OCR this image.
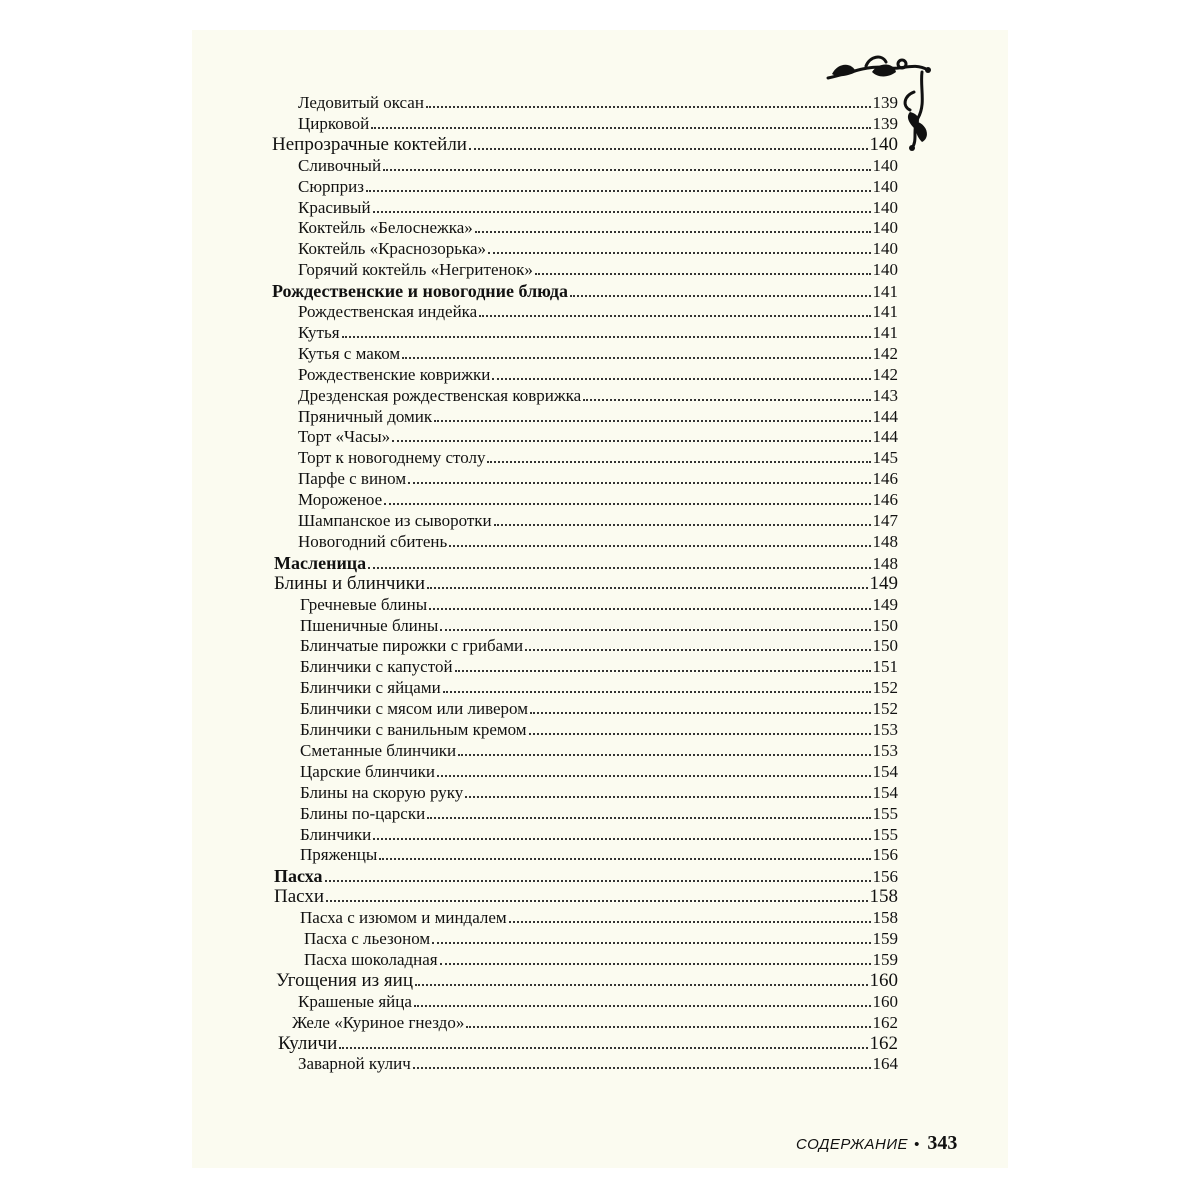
Ледовитый оксан	139
Цирковой	139
Непрозрачные коктейли	140
Сливочный	140
Сюрприз	140
Красивый	140
Коктейль «Белоснежка»	140
Коктейль «Краснозорька»	140
Горячий коктейль «Негритенок»	140
Рождественские и новогодние блюда	141
Рождественская индейка	141
Кутья	141
Кутья с маком	142
Рождественские коврижки	142
Дрезденская рождественская коврижка	143
Пряничный домик	144
Торт «Часы»	144
Торт к новогоднему столу	145
Парфе с вином	146
Мороженое	146
Шампанское из сыворотки	147
Новогодний сбитень	148
Масленица	148
Блины и блинчики	149
Гречневые блины	149
Пшеничные блины	150
Блинчатые пирожки с грибами	150
Блинчики с капустой	151
Блинчики с яйцами	152
Блинчики с мясом или ливером	152
Блинчики с ванильным кремом	153
Сметанные блинчики	153
Царские блинчики	154
Блины на скорую руку	154
Блины по-царски	155
Блинчики	155
Пряженцы	156
Пасха	156
Пасхи	158
Пасха с изюмом и миндалем	158
Пасха с льезоном	159
Пасха шоколадная	159
Угощения из яиц	160
Крашеные яйца	160
Желе «Куриное гнездо»	162
Куличи	162
Заварной кулич	164
СОДЕРЖАНИЕ • 343
